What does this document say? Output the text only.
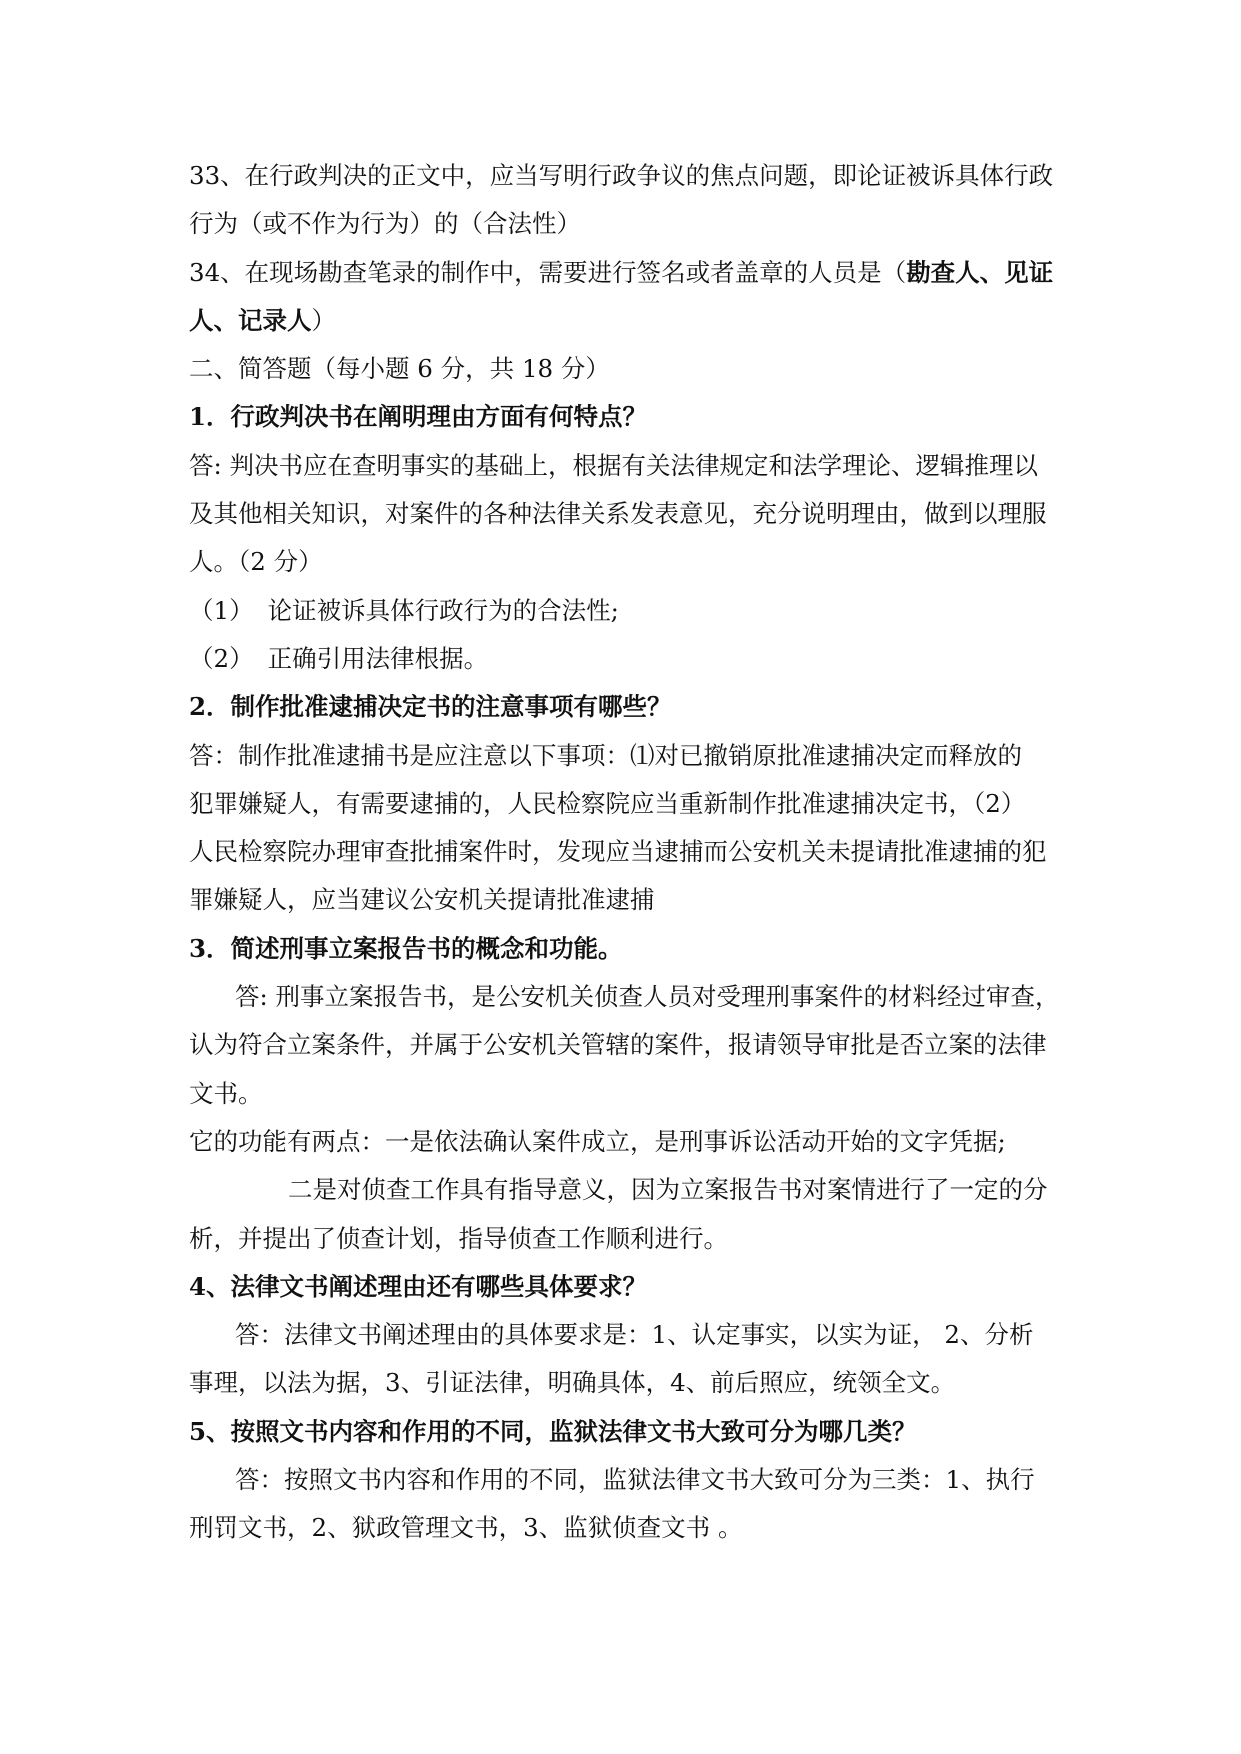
33、在行政判决的正文中，应当写明行政争议的焦点问题，即论证被诉具体行政
行为（或不作为行为）的（合法性）
34、在现场勘查笔录的制作中，需要进行签名或者盖章的人员是（勘查人、见证
人、记录人）
二、简答题（每小题 6 分，共 18 分）
1．行政判决书在阐明理由方面有何特点？
答: 判决书应在查明事实的基础上，根据有关法律规定和法学理论、逻辑推理以
及其他相关知识，对案件的各种法律关系发表意见，充分说明理由，做到以理服
人。（2 分）
（1） 论证被诉具体行政行为的合法性;
（2） 正确引用法律根据。
2．制作批准逮捕决定书的注意事项有哪些？
答：制作批准逮捕书是应注意以下事项：⑴对已撤销原批准逮捕决定而释放的
犯罪嫌疑人，有需要逮捕的，人民检察院应当重新制作批准逮捕决定书，（2）
人民检察院办理审查批捕案件时，发现应当逮捕而公安机关未提请批准逮捕的犯
罪嫌疑人，应当建议公安机关提请批准逮捕
3．简述刑事立案报告书的概念和功能。
答: 刑事立案报告书，是公安机关侦查人员对受理刑事案件的材料经过审查，
认为符合立案条件，并属于公安机关管辖的案件，报请领导审批是否立案的法律
文书。
它的功能有两点：一是依法确认案件成立，是刑事诉讼活动开始的文字凭据;
二是对侦查工作具有指导意义，因为立案报告书对案情进行了一定的分
析，并提出了侦查计划，指导侦查工作顺利进行。
4、法律文书阐述理由还有哪些具体要求？
答：法律文书阐述理由的具体要求是：1、认定事实，以实为证， 2、分析
事理，以法为据，3、引证法律，明确具体，4、前后照应，统领全文。
5、按照文书内容和作用的不同，监狱法律文书大致可分为哪几类？
答：按照文书内容和作用的不同，监狱法律文书大致可分为三类：1、执行
刑罚文书，2、狱政管理文书，3、监狱侦查文书 。
